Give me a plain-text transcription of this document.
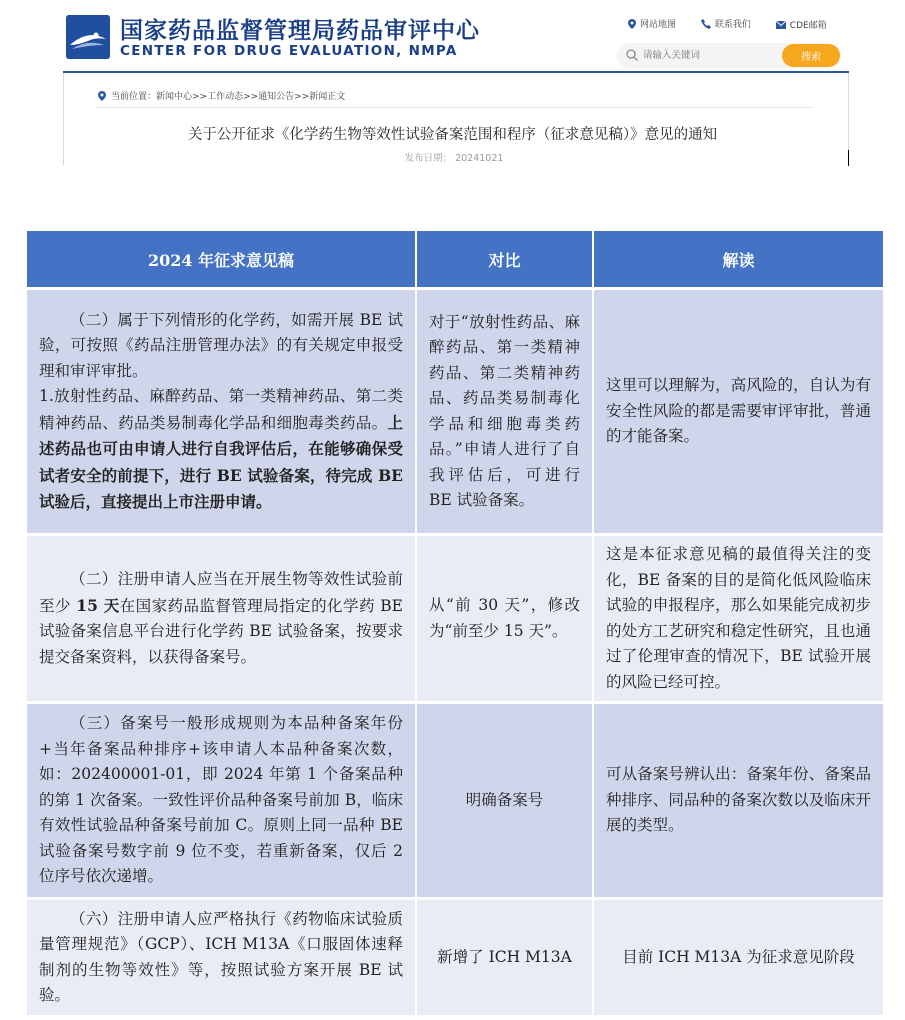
国家药品监督管理局药品审评中心
CENTER FOR DRUG EVALUATION, NMPA
网站地图
	联系我们
	CDE邮箱
请输入关键词
搜索
当前位置：新闻中心>>工作动态>>通知公告>>新闻正文
关于公开征求《化学药生物等效性试验备案范围和程序（征求意见稿）》意见的通知
发布日期： 20241021
2024 年征求意见稿	对比	解读

（二）属于下列情形的化学药，如需开展 BE 试验，可按照《药品注册管理办法》的有关规定申报受理和审评审批。
1.放射性药品、麻醉药品、第一类精神药品、第二类精神药品、药品类易制毒化学品和细胞毒类药品。上述药品也可由申请人进行自我评估后，在能够确保受试者安全的前提下，进行 BE 试验备案，待完成 BE 试验后，直接提出上市注册申请。	对于“放射性药品、麻醉药品、第一类精神药品、第二类精神药品、药品类易制毒化学品和细胞毒类药品。”申请人进行了自我评估后，可进行 BE 试验备案。	这里可以理解为，高风险的，自认为有安全性风险的都是需要审评审批，普通的才能备案。
（二）注册申请人应当在开展生物等效性试验前至少 15 天在国家药品监督管理局指定的化学药 BE 试验备案信息平台进行化学药 BE 试验备案，按要求提交备案资料，以获得备案号。	从“前 30 天”，修改为“前至少 15 天”。	这是本征求意见稿的最值得关注的变化，BE 备案的目的是简化低风险临床试验的申报程序，那么如果能完成初步的处方工艺研究和稳定性研究，且也通过了伦理审查的情况下，BE 试验开展的风险已经可控。
（三）备案号一般形成规则为本品种备案年份+当年备案品种排序+该申请人本品种备案次数，如：202400001-01，即 2024 年第 1 个备案品种的第 1 次备案。一致性评价品种备案号前加 B，临床有效性试验品种备案号前加 C。原则上同一品种 BE 试验备案号数字前 9 位不变，若重新备案，仅后 2 位序号依次递增。	明确备案号	可从备案号辨认出：备案年份、备案品种排序、同品种的备案次数以及临床开展的类型。
（六）注册申请人应严格执行《药物临床试验质量管理规范》（GCP）、ICH M13A《口服固体速释制剂的生物等效性》等，按照试验方案开展 BE 试验。	新增了 ICH M13A	目前 ICH M13A 为征求意见阶段
